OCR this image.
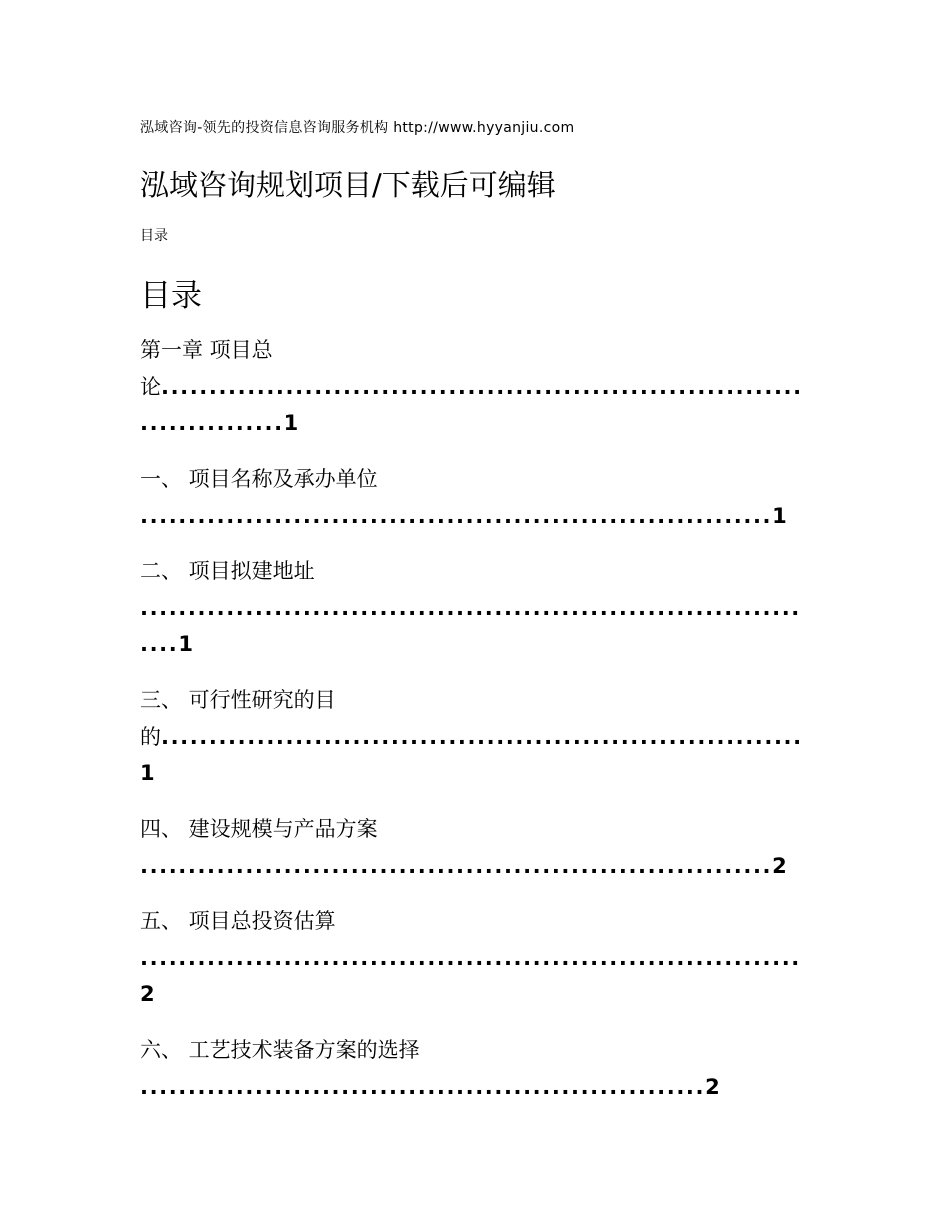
泓域咨询-领先的投资信息咨询服务机构 http://www.hyyanjiu.com
泓域咨询规划项目/下载后可编辑
目录
目录
第一章 项目总
论...................................................................
...............1
一、 项目名称及承办单位
..................................................................1
二、 项目拟建地址
.....................................................................
....1
三、 可行性研究的目
的...................................................................
1
四、 建设规模与产品方案
..................................................................2
五、 项目总投资估算
.....................................................................
2
六、 工艺技术装备方案的选择
...........................................................2
